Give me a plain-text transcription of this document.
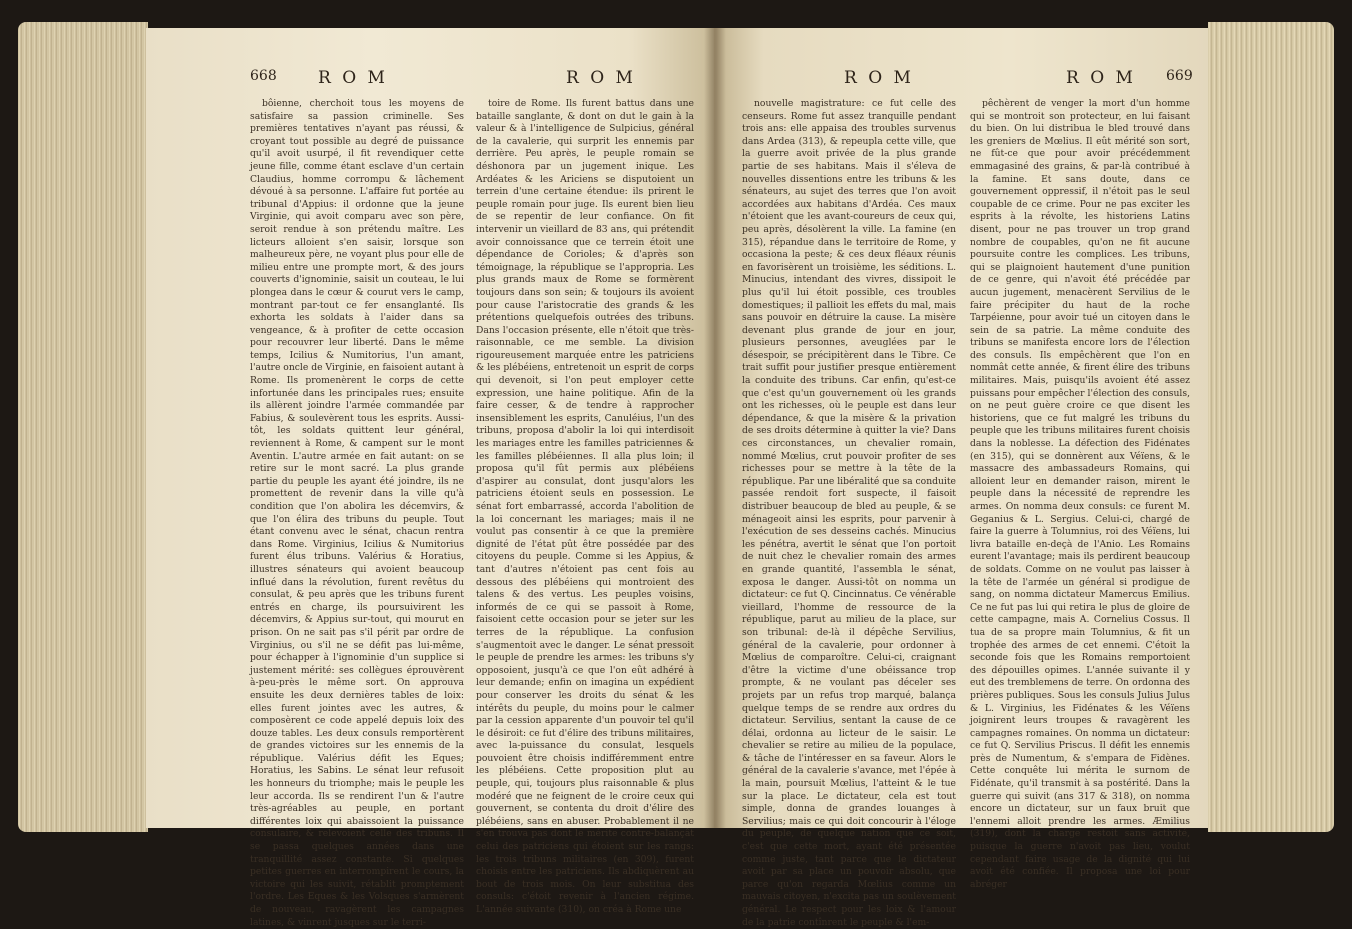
668 R O M	R O M

bôienne, cherchoit tous les moyens de satisfaire sa passion criminelle. Ses premières tentatives n'ayant pas réussi, & croyant tout possible au degré de puissance qu'il avoit usurpé, il fit revendiquer cette jeune fille, comme étant esclave d'un certain Claudius, homme corrompu & lâchement dévoué à sa personne. L'affaire fut portée au tribunal d'Appius: il ordonne que la jeune Virginie, qui avoit comparu avec son père, seroit rendue à son prétendu maître. Les licteurs alloient s'en saisir, lorsque son malheureux père, ne voyant plus pour elle de milieu entre une prompte mort, & des jours couverts d'ignominie, saisit un couteau, le lui plongea dans le cœur & courut vers le camp, montrant par-tout ce fer ensanglanté. Ils exhorta les soldats à l'aider dans sa vengeance, & à profiter de cette occasion pour recouvrer leur liberté. Dans le même temps, Icilius & Numitorius, l'un amant, l'autre oncle de Virginie, en faisoient autant à Rome. Ils promenèrent le corps de cette infortunée dans les principales rues; ensuite ils allèrent joindre l'armée commandée par Fabius, & soulevèrent tous les esprits. Aussi-tôt, les soldats quittent leur général, reviennent à Rome, & campent sur le mont Aventin. L'autre armée en fait autant: on se retire sur le mont sacré. La plus grande partie du peuple les ayant été joindre, ils ne promettent de revenir dans la ville qu'à condition que l'on abolira les décemvirs, & que l'on élira des tribuns du peuple. Tout étant convenu avec le sénat, chacun rentra dans Rome. Virginius, Icilius & Numitorius furent élus tribuns. Valérius & Horatius, illustres sénateurs qui avoient beaucoup influé dans la révolution, furent revêtus du consulat, & peu après que les tribuns furent entrés en charge, ils poursuivirent les décemvirs, & Appius sur-tout, qui mourut en prison. On ne sait pas s'il périt par ordre de Virginius, ou s'il ne se défit pas lui-même, pour échapper à l'ignominie d'un supplice si justement mérité: ses collègues éprouvèrent à-peu-près le même sort. On approuva ensuite les deux dernières tables de loix: elles furent jointes avec les autres, & composèrent ce code appelé depuis loix des douze tables. Les deux consuls remportèrent de grandes victoires sur les ennemis de la république. Valérius défit les Eques; Horatius, les Sabins. Le sénat leur refusoit les honneurs du triomphe; mais le peuple les leur accorda. Ils se rendirent l'un & l'autre très-agréables au peuple, en portant différentes loix qui abaissoient la puissance consulaire, & relevoient celle des tribuns. Il se passa quelques années dans une tranquillité assez constante. Si quelques petites guerres en interrompirent le cours, la victoire qui les suivit, rétablit promptement l'ordre. Les Eques & les Volsques s'armèrent de nouveau, ravagèrent les campagnes latines, & vinrent jusques sur le terri-

toire de Rome. Ils furent battus dans une bataille sanglante, & dont on dut le gain à la valeur & à l'intelligence de Sulpicius, général de la cavalerie, qui surprit les ennemis par derrière. Peu après, le peuple romain se déshonora par un jugement inique. Les Ardéates & les Ariciens se disputoient un terrein d'une certaine étendue: ils prirent le peuple romain pour juge. Ils eurent bien lieu de se repentir de leur confiance. On fit intervenir un vieillard de 83 ans, qui prétendit avoir connoissance que ce terrein étoit une dépendance de Corioles; & d'après son témoignage, la république se l'appropria. Les plus grands maux de Rome se formèrent toujours dans son sein; & toujours ils avoient pour cause l'aristocratie des grands & les prétentions quelquefois outrées des tribuns. Dans l'occasion présente, elle n'étoit que très-raisonnable, ce me semble. La division rigoureusement marquée entre les patriciens & les plébéiens, entretenoit un esprit de corps qui devenoit, si l'on peut employer cette expression, une haine politique. Afin de la faire cesser, & de tendre à rapprocher insensiblement les esprits, Canuléius, l'un des tribuns, proposa d'abolir la loi qui interdisoit les mariages entre les familles patriciennes & les familles plébéiennes. Il alla plus loin; il proposa qu'il fût permis aux plébéiens d'aspirer au consulat, dont jusqu'alors les patriciens étoient seuls en possession. Le sénat fort embarrassé, accorda l'abolition de la loi concernant les mariages; mais il ne voulut pas consentir à ce que la première dignité de l'état pût être possédée par des citoyens du peuple. Comme si les Appius, & tant d'autres n'étoient pas cent fois au dessous des plébéiens qui montroient des talens & des vertus. Les peuples voisins, informés de ce qui se passoit à Rome, faisoient cette occasion pour se jeter sur les terres de la république. La confusion s'augmentoit avec le danger. Le sénat pressoit le peuple de prendre les armes: les tribuns s'y opposoient, jusqu'à ce que l'on eût adhéré à leur demande; enfin on imagina un expédient pour conserver les droits du sénat & les intérêts du peuple, du moins pour le calmer par la cession apparente d'un pouvoir tel qu'il le désiroit: ce fut d'élire des tribuns militaires, avec la-puissance du consulat, lesquels pouvoient être choisis indifféremment entre les plébéiens. Cette proposition plut au peuple, qui, toujours plus raisonnable & plus modéré que ne feignent de le croire ceux qui gouvernent, se contenta du droit d'élire des plébéiens, sans en abuser. Probablement il ne s'en trouva pas dont le mérite contre-balançât celui des patriciens qui étoient sur les rangs: les trois tribuns militaires (en 309), furent choisis entre les patriciens. Ils abdiquèrent au bout de trois mois. On leur substitua des consuls: c'étoit revenir à l'ancien régime. L'année suivante (310), on créa à Rome une

R O M	R O M 669

nouvelle magistrature: ce fut celle des censeurs. Rome fut assez tranquille pendant trois ans: elle appaisa des troubles survenus dans Ardea (313), & repeupla cette ville, que la guerre avoit privée de la plus grande partie de ses habitans. Mais il s'éleva de nouvelles dissentions entre les tribuns & les sénateurs, au sujet des terres que l'on avoit accordées aux habitans d'Ardéa. Ces maux n'étoient que les avant-coureurs de ceux qui, peu après, désolèrent la ville. La famine (en 315), répandue dans le territoire de Rome, y occasiona la peste; & ces deux fléaux réunis en favorisèrent un troisième, les séditions. L. Minucius, intendant des vivres, dissipoit le plus qu'il lui étoit possible, ces troubles domestiques; il pallioit les effets du mal, mais sans pouvoir en détruire la cause. La misère devenant plus grande de jour en jour, plusieurs personnes, aveuglées par le désespoir, se précipitèrent dans le Tibre. Ce trait suffit pour justifier presque entièrement la conduite des tribuns. Car enfin, qu'est-ce que c'est qu'un gouvernement où les grands ont les richesses, où le peuple est dans leur dépendance, & que la misère & la privation de ses droits détermine à quitter la vie? Dans ces circonstances, un chevalier romain, nommé Mœlius, crut pouvoir profiter de ses richesses pour se mettre à la tête de la république. Par une libéralité que sa conduite passée rendoit fort suspecte, il faisoit distribuer beaucoup de bled au peuple, & se ménageoit ainsi les esprits, pour parvenir à l'exécution de ses desseins cachés. Minucius les pénétra, avertit le sénat que l'on portoit de nuit chez le chevalier romain des armes en grande quantité, l'assembla le sénat, exposa le danger. Aussi-tôt on nomma un dictateur: ce fut Q. Cincinnatus. Ce vénérable vieillard, l'homme de ressource de la république, parut au milieu de la place, sur son tribunal: de-là il dépêche Servilius, général de la cavalerie, pour ordonner à Mœlius de comparoître. Celui-ci, craignant d'être la victime d'une obéissance trop prompte, & ne voulant pas déceler ses projets par un refus trop marqué, balança quelque temps de se rendre aux ordres du dictateur. Servilius, sentant la cause de ce délai, ordonna au licteur de le saisir. Le chevalier se retire au milieu de la populace, & tâche de l'intéresser en sa faveur. Alors le général de la cavalerie s'avance, met l'épée à la main, poursuit Mœlius, l'atteint & le tue sur la place. Le dictateur, cela est tout simple, donna de grandes louanges à Servilius; mais ce qui doit concourir à l'éloge du peuple, de quelque nation que ce soit, c'est que cette mort, ayant été présentée comme juste, tant parce que le dictateur avoit par sa place un pouvoir absolu, que parce qu'on regarda Mœlius comme un mauvais citoyen, n'excita pas un soulèvement général. Le respect pour les loix & l'amour de la patrie contînrent le peuple & l'em-

pêchèrent de venger la mort d'un homme qui se montroit son protecteur, en lui faisant du bien. On lui distribua le bled trouvé dans les greniers de Mœlius. Il eût mérité son sort, ne fût-ce que pour avoir précédemment emmagasiné des grains, & par-là contribué à la famine. Et sans doute, dans ce gouvernement oppressif, il n'étoit pas le seul coupable de ce crime. Pour ne pas exciter les esprits à la révolte, les historiens Latins disent, pour ne pas trouver un trop grand nombre de coupables, qu'on ne fit aucune poursuite contre les complices. Les tribuns, qui se plaignoient hautement d'une punition de ce genre, qui n'avoit été précédée par aucun jugement, menacèrent Servilius de le faire précipiter du haut de la roche Tarpéienne, pour avoir tué un citoyen dans le sein de sa patrie. La même conduite des tribuns se manifesta encore lors de l'élection des consuls. Ils empêchèrent que l'on en nommât cette année, & firent élire des tribuns militaires. Mais, puisqu'ils avoient été assez puissans pour empêcher l'élection des consuls, on ne peut guère croire ce que disent les historiens, que ce fut malgré les tribuns du peuple que les tribuns militaires furent choisis dans la noblesse. La défection des Fidénates (en 315), qui se donnèrent aux Véïens, & le massacre des ambassadeurs Romains, qui alloient leur en demander raison, mirent le peuple dans la nécessité de reprendre les armes. On nomma deux consuls: ce furent M. Geganius & L. Sergius. Celui-ci, chargé de faire la guerre à Tolumnius, roi des Véïens, lui livra bataille en-deçà de l'Anio. Les Romains eurent l'avantage; mais ils perdirent beaucoup de soldats. Comme on ne voulut pas laisser à la tête de l'armée un général si prodigue de sang, on nomma dictateur Mamercus Emilius. Ce ne fut pas lui qui retira le plus de gloire de cette campagne, mais A. Cornelius Cossus. Il tua de sa propre main Tolumnius, & fit un trophée des armes de cet ennemi. C'étoit la seconde fois que les Romains remportoient des dépouilles opimes. L'année suivante il y eut des tremblemens de terre. On ordonna des prières publiques. Sous les consuls Julius Julus & L. Virginius, les Fidénates & les Véïens joignirent leurs troupes & ravagèrent les campagnes romaines. On nomma un dictateur: ce fut Q. Servilius Priscus. Il défit les ennemis près de Numentum, & s'empara de Fidènes. Cette conquête lui mérita le surnom de Fidénate, qu'il transmit à sa postérité. Dans la guerre qui suivit (ans 317 & 318), on nomma encore un dictateur, sur un faux bruit que l'ennemi alloit prendre les armes. Æmilius (319), dont la charge restoit sans activité, puisque la guerre n'avoit pas lieu, voulut cependant faire usage de la dignité qui lui avoit été confiée. Il proposa une loi pour abréger
